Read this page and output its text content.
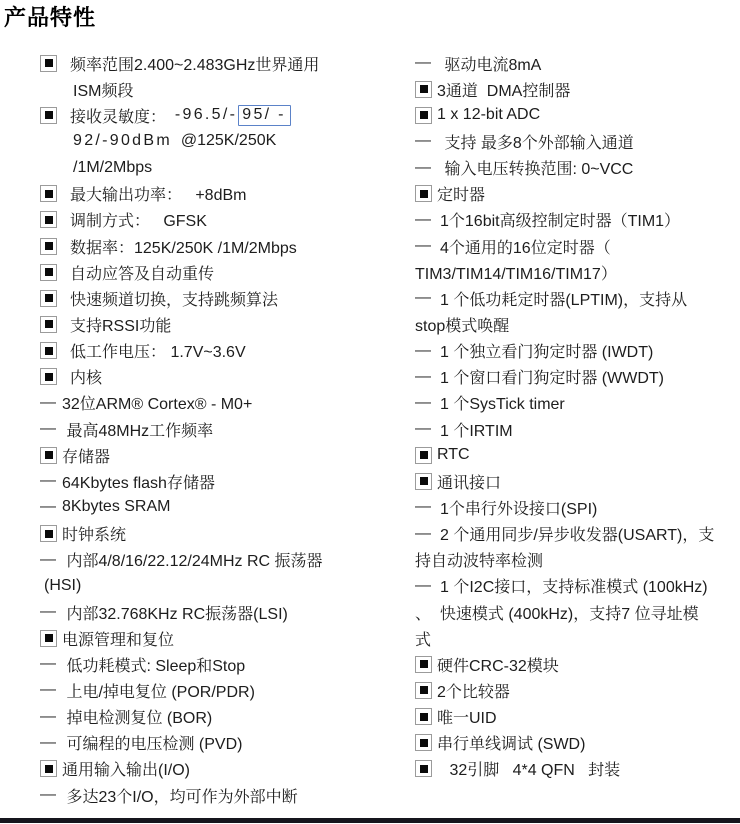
产品特性
频率范围2.400~2.483GHz世界通用
ISM频段
接收灵敏度： -96.5/- 95/ -
92/-90dBm @125K/250K
/1M/2Mbps
最大输出功率：   +8dBm
调制方式：   GFSK
数据率：125K/250K /1M/2Mbps
自动应答及自动重传
快速频道切换，支持跳频算法
支持RSSI功能
低工作电压： 1.7V~3.6V
内核
— 32位ARM® Cortex® - M0+
— 最高48MHz工作频率
存储器
— 64Kbytes flash存储器
— 8Kbytes SRAM
时钟系统
— 内部4/8/16/22.12/24MHz RC 振荡器
(HSI)
— 内部32.768KHz RC振荡器(LSI)
电源管理和复位
— 低功耗模式: Sleep和Stop
— 上电/掉电复位 (POR/PDR)
— 掉电检测复位 (BOR)
— 可编程的电压检测 (PVD)
通用输入输出(I/O)
— 多达23个I/O，均可作为外部中断
— 驱动电流8mA
3通道  DMA控制器
1 x 12-bit ADC
— 支持 最多8个外部输入通道
— 输入电压转换范围: 0~VCC
定时器
— 1个16bit高级控制定时器（TIM1）
— 4个通用的16位定时器（
TIM3/TIM14/TIM16/TIM17）
— 1 个低功耗定时器(LPTIM)，支持从
stop模式唤醒
— 1 个独立看门狗定时器 (IWDT)
— 1 个窗口看门狗定时器 (WWDT)
— 1 个SysTick timer
— 1 个IRTIM
RTC
通讯接口
— 1个串行外设接口(SPI)
— 2 个通用同步/异步收发器(USART)，支
持自动波特率检测
— 1 个I2C接口，支持标准模式 (100kHz)
、  快速模式 (400kHz)，支持7 位寻址模
式
硬件CRC-32模块
2个比较器
唯一UID
串行单线调试 (SWD)
32引脚   4*4 QFN   封装
